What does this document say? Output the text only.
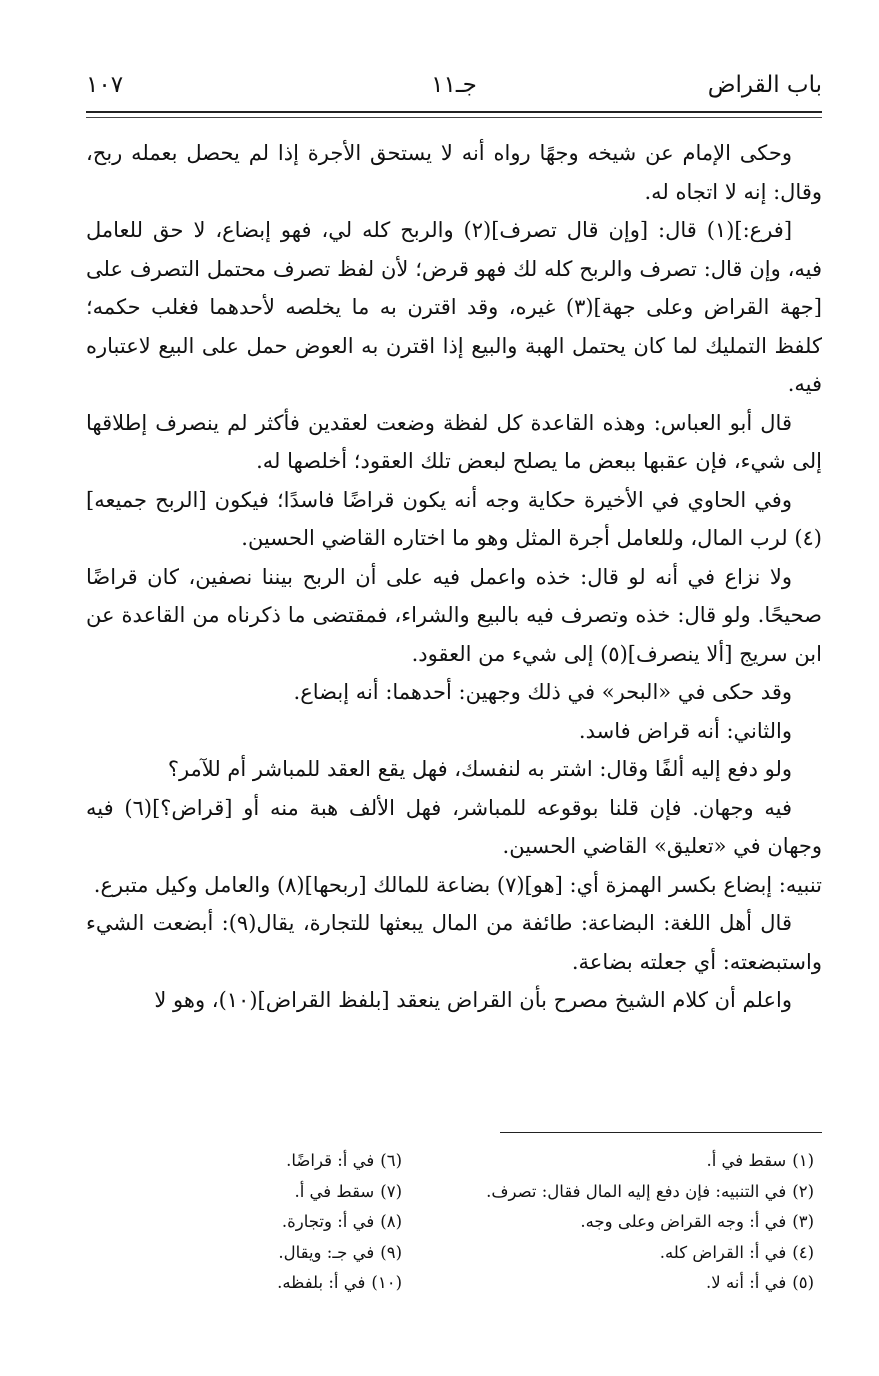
باب القراض
جـ١١
١٠٧

وحكى الإمام عن شيخه وجهًا رواه أنه لا يستحق الأجرة إذا لم يحصل بعمله ربح، وقال: إنه لا اتجاه له.

[فرع:](١) قال: [وإن قال تصرف](٢) والربح كله لي، فهو إبضاع، لا حق للعامل فيه، وإن قال: تصرف والربح كله لك فهو قرض؛ لأن لفظ تصرف محتمل التصرف على [جهة القراض وعلى جهة](٣) غيره، وقد اقترن به ما يخلصه لأحدهما فغلب حكمه؛ كلفظ التمليك لما كان يحتمل الهبة والبيع إذا اقترن به العوض حمل على البيع لاعتباره فيه.

قال أبو العباس: وهذه القاعدة كل لفظة وضعت لعقدين فأكثر لم ينصرف إطلاقها إلى شيء، فإن عقبها ببعض ما يصلح لبعض تلك العقود؛ أخلصها له.

وفي الحاوي في الأخيرة حكاية وجه أنه يكون قراضًا فاسدًا؛ فيكون [الربح جميعه](٤) لرب المال، وللعامل أجرة المثل وهو ما اختاره القاضي الحسين.

ولا نزاع في أنه لو قال: خذه واعمل فيه على أن الربح بيننا نصفين، كان قراضًا صحيحًا. ولو قال: خذه وتصرف فيه بالبيع والشراء، فمقتضى ما ذكرناه من القاعدة عن ابن سريج [ألا ينصرف](٥) إلى شيء من العقود.

وقد حكى في «البحر» في ذلك وجهين: أحدهما: أنه إبضاع.

والثاني: أنه قراض فاسد.

ولو دفع إليه ألفًا وقال: اشتر به لنفسك، فهل يقع العقد للمباشر أم للآمر؟

فيه وجهان. فإن قلنا بوقوعه للمباشر، فهل الألف هبة منه أو [قراض؟](٦) فيه وجهان في «تعليق» القاضي الحسين.

تنبيه: إبضاع بكسر الهمزة أي: [هو](٧) بضاعة للمالك [ربحها](٨) والعامل وكيل متبرع.

قال أهل اللغة: البضاعة: طائفة من المال يبعثها للتجارة، يقال(٩): أبضعت الشيء واستبضعته: أي جعلته بضاعة.

واعلم أن كلام الشيخ مصرح بأن القراض ينعقد [بلفظ القراض](١٠)، وهو لا

(١)سقط في أ.
(٢)في التنبيه: فإن دفع إليه المال فقال: تصرف.
(٣)في أ: وجه القراض وعلى وجه.
(٤)في أ: القراض كله.
(٥)في أ: أنه لا.
(٦)في أ: قراضًا.
(٧)سقط في أ.
(٨)في أ: وتجارة.
(٩)في جـ: ويقال.
(١٠)في أ: بلفظه.
